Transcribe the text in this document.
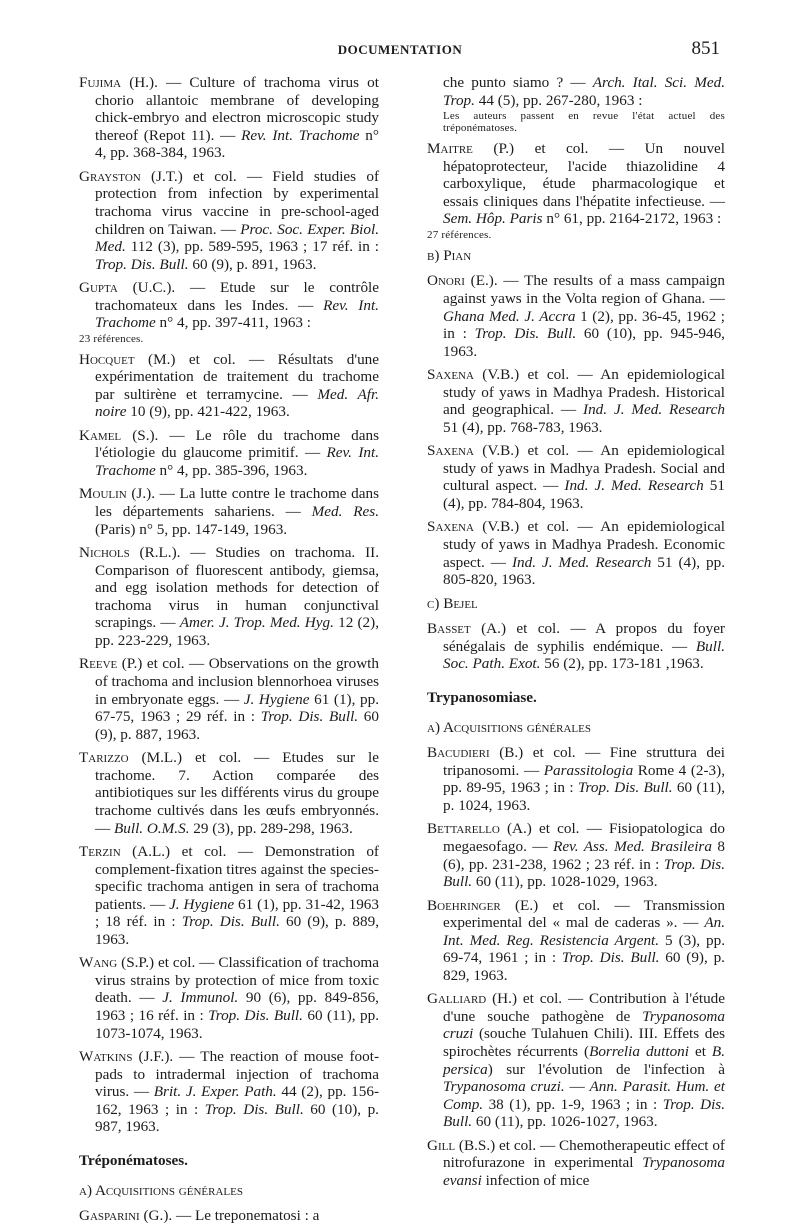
DOCUMENTATION	851

Fujima (H.). — Culture of trachoma virus ot chorio allantoic membrane of developing chick-embryo and electron microscopic study thereof (Repot 11). — Rev. Int. Trachome n° 4, pp. 368-384, 1963.

Grayston (J.T.) et col. — Field studies of protection from infection by experimental trachoma virus vaccine in pre-school-aged children on Taiwan. — Proc. Soc. Exper. Biol. Med. 112 (3), pp. 589-595, 1963 ; 17 réf. in : Trop. Dis. Bull. 60 (9), p. 891, 1963.

Gupta (U.C.). — Etude sur le contrôle trachomateux dans les Indes. — Rev. Int. Trachome n° 4, pp. 397-411, 1963 :
23 références.

Hocquet (M.) et col. — Résultats d'une expérimentation de traitement du trachome par sultirène et terramycine. — Med. Afr. noire 10 (9), pp. 421-422, 1963.

Kamel (S.). — Le rôle du trachome dans l'étiologie du glaucome primitif. — Rev. Int. Trachome n° 4, pp. 385-396, 1963.

Moulin (J.). — La lutte contre le trachome dans les départements sahariens. — Med. Res. (Paris) n° 5, pp. 147-149, 1963.

Nichols (R.L.). — Studies on trachoma. II. Comparison of fluorescent antibody, giemsa, and egg isolation methods for detection of trachoma virus in human conjunctival scrapings. — Amer. J. Trop. Med. Hyg. 12 (2), pp. 223-229, 1963.

Reeve (P.) et col. — Observations on the growth of trachoma and inclusion blennorhoea viruses in embryonate eggs. — J. Hygiene 61 (1), pp. 67-75, 1963 ; 29 réf. in : Trop. Dis. Bull. 60 (9), p. 887, 1963.

Tarizzo (M.L.) et col. — Etudes sur le trachome. 7. Action comparée des antibiotiques sur les différents virus du groupe trachome cultivés dans les œufs embryonnés. — Bull. O.M.S. 29 (3), pp. 289-298, 1963.

Terzin (A.L.) et col. — Demonstration of complement-fixation titres against the species-specific trachoma antigen in sera of trachoma patients. — J. Hygiene 61 (1), pp. 31-42, 1963 ; 18 réf. in : Trop. Dis. Bull. 60 (9), p. 889, 1963.

Wang (S.P.) et col. — Classification of trachoma virus strains by protection of mice from toxic death. — J. Immunol. 90 (6), pp. 849-856, 1963 ; 16 réf. in : Trop. Dis. Bull. 60 (11), pp. 1073-1074, 1963.

Watkins (J.F.). — The reaction of mouse foot-pads to intradermal injection of trachoma virus. — Brit. J. Exper. Path. 44 (2), pp. 156-162, 1963 ; in : Trop. Dis. Bull. 60 (10), p. 987, 1963.

Tréponématoses.
a) Acquisitions générales

Gasparini (G.). — Le treponematosi : a

che punto siamo ? — Arch. Ital. Sci. Med. Trop. 44 (5), pp. 267-280, 1963 :
Les auteurs passent en revue l'état actuel des tréponématoses.

Maitre (P.) et col. — Un nouvel hépatoprotecteur, l'acide thiazolidine 4 carboxylique, étude pharmacologique et essais cliniques dans l'hépatite infectieuse. — Sem. Hôp. Paris n° 61, pp. 2164-2172, 1963 :
27 références.

b) Pian

Onori (E.). — The results of a mass campaign against yaws in the Volta region of Ghana. — Ghana Med. J. Accra 1 (2), pp. 36-45, 1962 ; in : Trop. Dis. Bull. 60 (10), pp. 945-946, 1963.

Saxena (V.B.) et col. — An epidemiological study of yaws in Madhya Pradesh. Historical and geographical. — Ind. J. Med. Research 51 (4), pp. 768-783, 1963.

Saxena (V.B.) et col. — An epidemiological study of yaws in Madhya Pradesh. Social and cultural aspect. — Ind. J. Med. Research 51 (4), pp. 784-804, 1963.

Saxena (V.B.) et col. — An epidemiological study of yaws in Madhya Pradesh. Economic aspect. — Ind. J. Med. Research 51 (4), pp. 805-820, 1963.

c) Bejel

Basset (A.) et col. — A propos du foyer sénégalais de syphilis endémique. — Bull. Soc. Path. Exot. 56 (2), pp. 173-181 ,1963.

Trypanosomiase.
a) Acquisitions générales

Bacudieri (B.) et col. — Fine struttura dei tripanosomi. — Parassitologia Rome 4 (2-3), pp. 89-95, 1963 ; in : Trop. Dis. Bull. 60 (11), p. 1024, 1963.

Bettarello (A.) et col. — Fisiopatologica do megaesofago. — Rev. Ass. Med. Brasileira 8 (6), pp. 231-238, 1962 ; 23 réf. in : Trop. Dis. Bull. 60 (11), pp. 1028-1029, 1963.

Boehringer (E.) et col. — Transmission experimental del « mal de caderas ». — An. Int. Med. Reg. Resistencia Argent. 5 (3), pp. 69-74, 1961 ; in : Trop. Dis. Bull. 60 (9), p. 829, 1963.

Galliard (H.) et col. — Contribution à l'étude d'une souche pathogène de Trypanosoma cruzi (souche Tulahuen Chili). III. Effets des spirochètes récurrents (Borrelia duttoni et B. persica) sur l'évolution de l'infection à Trypanosoma cruzi. — Ann. Parasit. Hum. et Comp. 38 (1), pp. 1-9, 1963 ; in : Trop. Dis. Bull. 60 (11), pp. 1026-1027, 1963.

Gill (B.S.) et col. — Chemotherapeutic effect of nitrofurazone in experimental Trypanosoma evansi infection of mice
